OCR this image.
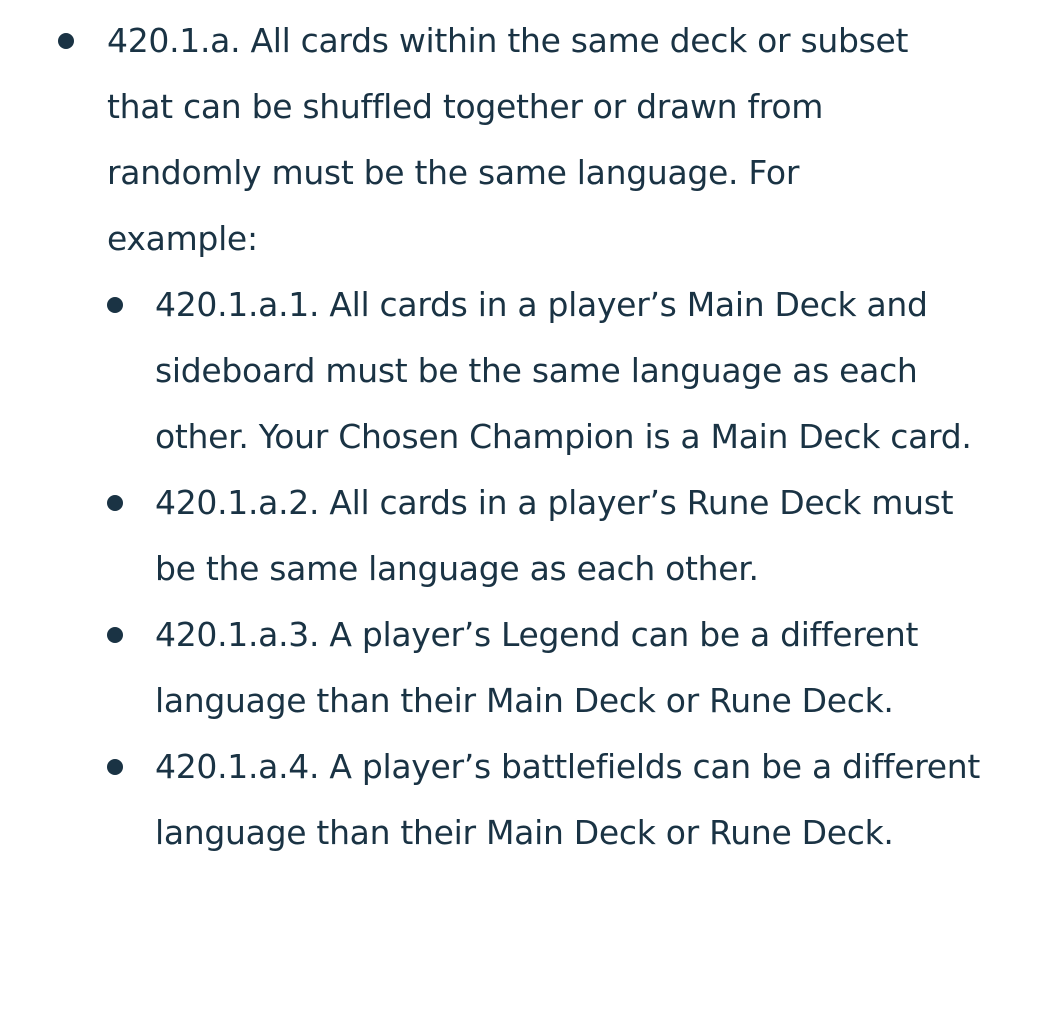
420.1.a. All cards within the same deck or subset that can be shuffled together or drawn from randomly must be the same language. For example:
420.1.a.1. All cards in a player’s Main Deck and sideboard must be the same language as each other. Your Chosen Champion is a Main Deck card.
420.1.a.2. All cards in a player’s Rune Deck must be the same language as each other.
420.1.a.3. A player’s Legend can be a different language than their Main Deck or Rune Deck.
420.1.a.4. A player’s battlefields can be a different language than their Main Deck or Rune Deck.
